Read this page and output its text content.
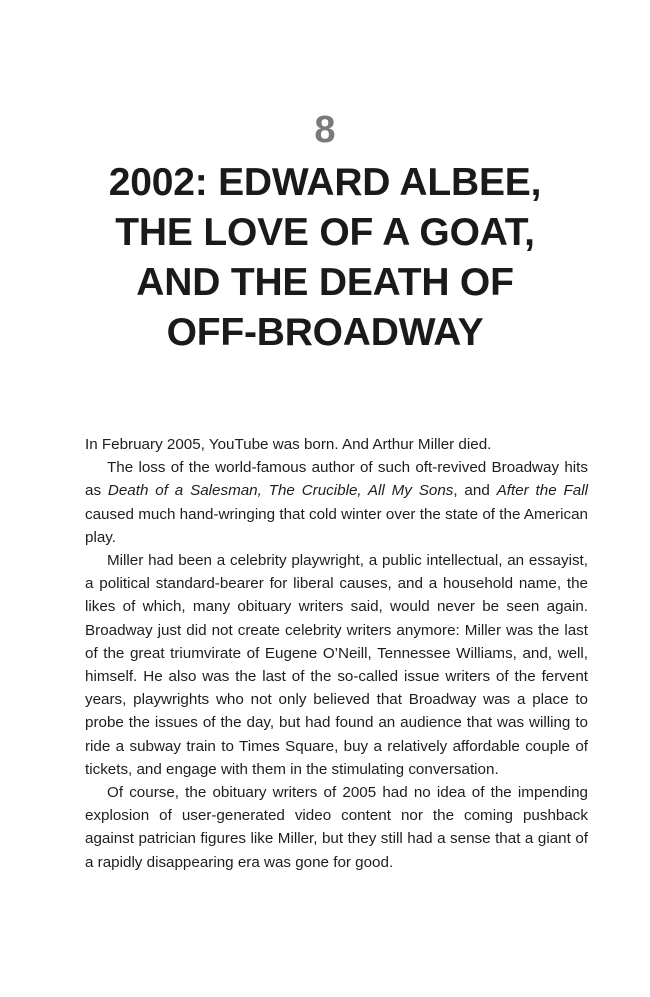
8
2002: EDWARD ALBEE,
THE LOVE OF A GOAT,
AND THE DEATH OF
OFF-BROADWAY

In February 2005, YouTube was born. And Arthur Miller died.

The loss of the world-famous author of such oft-revived Broadway hits as Death of a Salesman, The Crucible, All My Sons, and After the Fall caused much hand-wringing that cold winter over the state of the American play.

Miller had been a celebrity playwright, a public intellectual, an essayist, a political standard-bearer for liberal causes, and a household name, the likes of which, many obituary writers said, would never be seen again. Broadway just did not create celebrity writers anymore: Miller was the last of the great triumvirate of Eugene O’Neill, Tennessee Williams, and, well, himself. He also was the last of the so-called issue writers of the fervent years, playwrights who not only believed that Broadway was a place to probe the issues of the day, but had found an audience that was willing to ride a subway train to Times Square, buy a relatively affordable couple of tickets, and engage with them in the stimulating conversation.

Of course, the obituary writers of 2005 had no idea of the impending explosion of user-generated video content nor the coming pushback against patrician figures like Miller, but they still had a sense that a giant of a rapidly disappearing era was gone for good.
